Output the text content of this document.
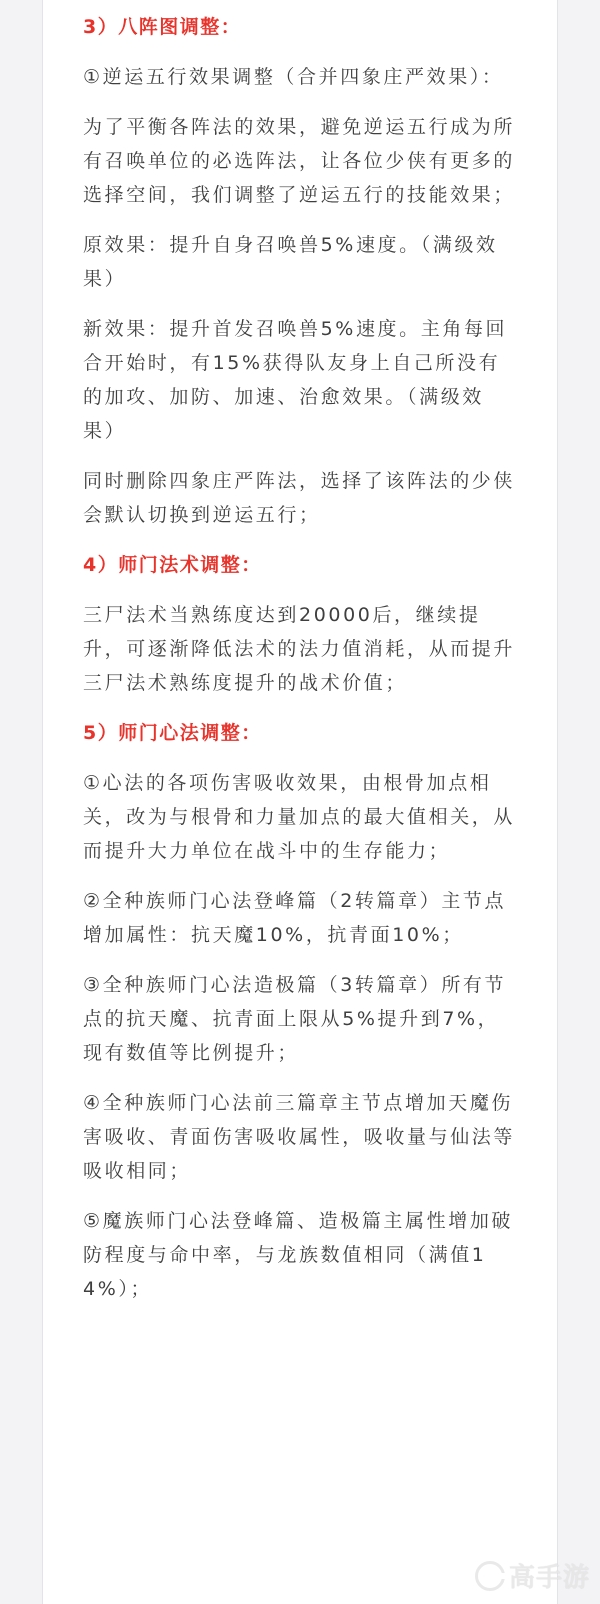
3）八阵图调整：

①逆运五行效果调整（合并四象庄严效果）：

为了平衡各阵法的效果，避免逆运五行成为所有召唤单位的必选阵法，让各位少侠有更多的选择空间，我们调整了逆运五行的技能效果；

原效果：提升自身召唤兽5%速度。（满级效果）

新效果：提升首发召唤兽5%速度。主角每回合开始时，有15%获得队友身上自己所没有的加攻、加防、加速、治愈效果。（满级效果）

同时删除四象庄严阵法，选择了该阵法的少侠会默认切换到逆运五行；

4）师门法术调整：

三尸法术当熟练度达到20000后，继续提升，可逐渐降低法术的法力值消耗，从而提升三尸法术熟练度提升的战术价值；

5）师门心法调整：

①心法的各项伤害吸收效果，由根骨加点相关，改为与根骨和力量加点的最大值相关，从而提升大力单位在战斗中的生存能力；

②全种族师门心法登峰篇（2转篇章）主节点增加属性：抗天魔10%，抗青面10%；

③全种族师门心法造极篇（3转篇章）所有节点的抗天魔、抗青面上限从5%提升到7%，现有数值等比例提升；

④全种族师门心法前三篇章主节点增加天魔伤害吸收、青面伤害吸收属性，吸收量与仙法等吸收相同；

⑤魔族师门心法登峰篇、造极篇主属性增加破防程度与命中率，与龙族数值相同（满值14%）；

高手游
